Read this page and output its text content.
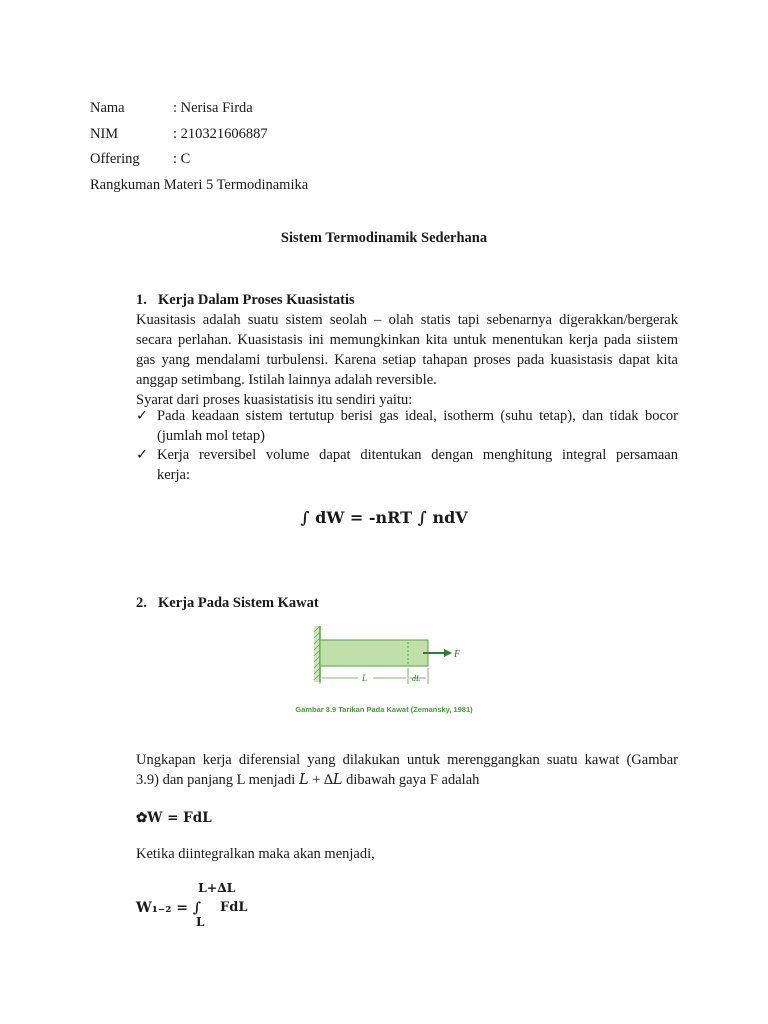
Nama	: Nerisa Firda
NIM	: 210321606887
Offering : C
Rangkuman Materi 5 Termodinamika
Sistem Termodinamik Sederhana
1. Kerja Dalam Proses Kuasistatis
Kuasitasis adalah suatu sistem seolah – olah statis tapi sebenarnya digerakkan/bergerak
secara perlahan. Kuasistasis ini memungkinkan kita untuk menentukan kerja pada siistem
gas yang mendalami turbulensi. Karena setiap tahapan proses pada kuasistasis dapat kita
anggap setimbang. Istilah lainnya adalah reversible.
Syarat dari proses kuasistatisis itu sendiri yaitu:
✓ Pada keadaan sistem tertutup berisi gas ideal, isotherm (suhu tetap), dan tidak bocor
(jumlah mol tetap)
✓ Kerja reversibel volume dapat ditentukan dengan menghitung integral persamaan
kerja:
∫ dW = -nRT ∫ ndV
2. Kerja Pada Sistem Kawat
F
L	dL
Gambar 3.9 Tarikan Pada Kawat (Zemansky, 1981)
Ungkapan kerja diferensial yang dilakukan untuk merenggangkan suatu kawat (Gambar
3.9) dan panjang L menjadi 𝐿 + ∆𝐿 dibawah gaya F adalah
✿W = FdL
Ketika diintegralkan maka akan menjadi,
L+∆L
W₁₋₂ = ∫ FdL
L
